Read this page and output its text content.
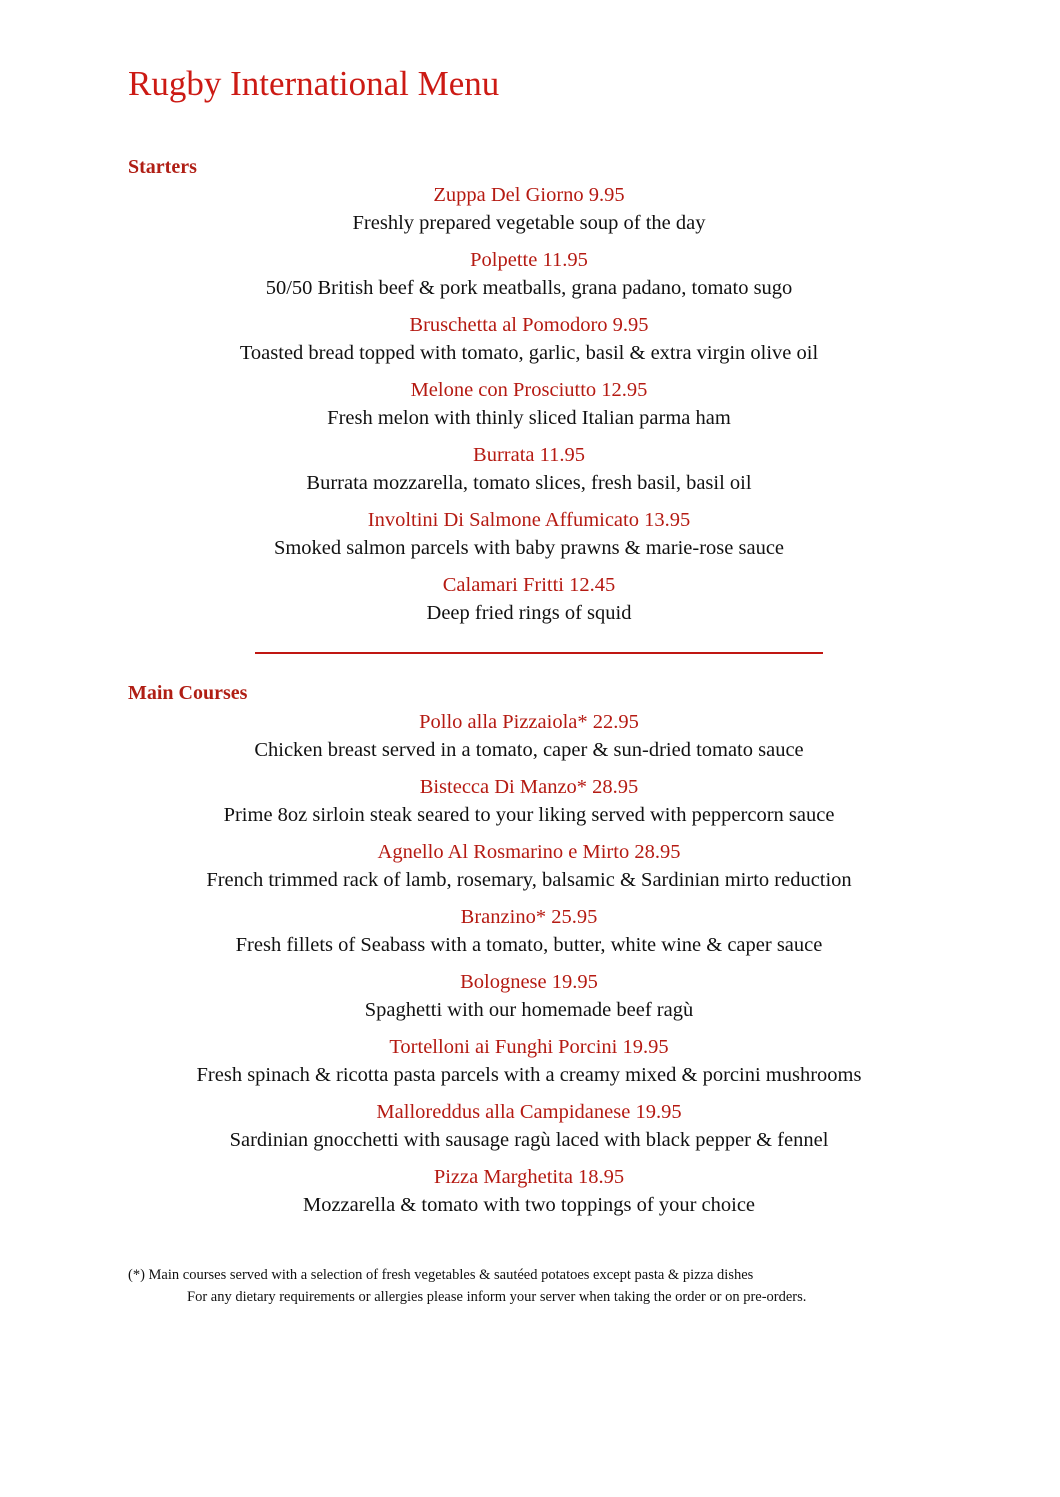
Rugby International Menu
Starters
Zuppa Del Giorno 9.95
Freshly prepared vegetable soup of the day
Polpette 11.95
50/50 British beef & pork meatballs, grana padano, tomato sugo
Bruschetta al Pomodoro 9.95
Toasted bread topped with tomato, garlic, basil & extra virgin olive oil
Melone con Prosciutto 12.95
Fresh melon with thinly sliced Italian parma ham
Burrata 11.95
Burrata mozzarella, tomato slices, fresh basil, basil oil
Involtini Di Salmone Affumicato 13.95
Smoked salmon parcels with baby prawns & marie-rose sauce
Calamari Fritti 12.45
Deep fried rings of squid
Main Courses
Pollo alla Pizzaiola* 22.95
Chicken breast served in a tomato, caper & sun-dried tomato sauce
Bistecca Di Manzo* 28.95
Prime 8oz sirloin steak seared to your liking served with peppercorn sauce
Agnello Al Rosmarino e Mirto 28.95
French trimmed rack of lamb, rosemary, balsamic & Sardinian mirto reduction
Branzino* 25.95
Fresh fillets of Seabass with a tomato, butter, white wine & caper sauce
Bolognese 19.95
Spaghetti with our homemade beef ragù
Tortelloni ai Funghi Porcini 19.95
Fresh spinach & ricotta pasta parcels with a creamy mixed & porcini mushrooms
Malloreddus alla Campidanese 19.95
Sardinian gnocchetti with sausage ragù laced with black pepper & fennel
Pizza Marghetita 18.95
Mozzarella & tomato with two toppings of your choice
(*) Main courses served with a selection of fresh vegetables & sautéed potatoes except pasta & pizza dishes
For any dietary requirements or allergies please inform your server when taking the order or on pre-orders.
